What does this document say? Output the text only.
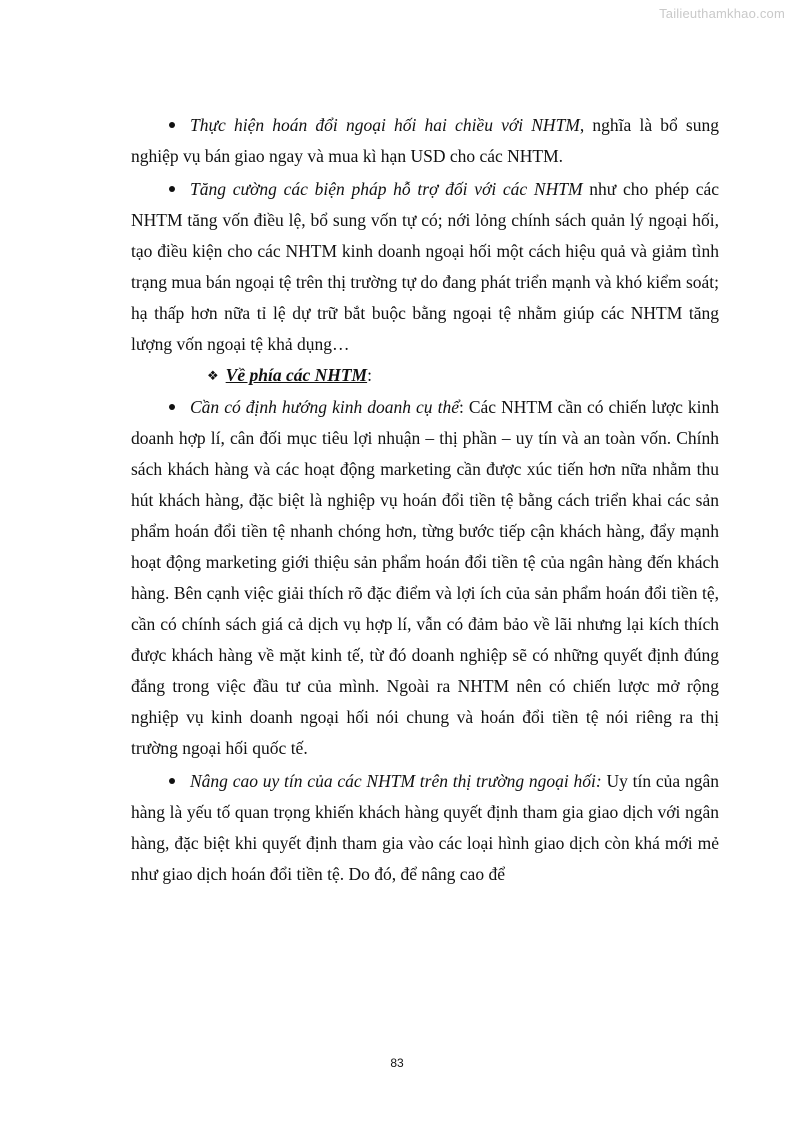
Tailieuthamkhao.com

Thực hiện hoán đổi ngoại hối hai chiều với NHTM, nghĩa là bổ sung nghiệp vụ bán giao ngay và mua kì hạn USD cho các NHTM.

Tăng cường các biện pháp hỗ trợ đối với các NHTM như cho phép các NHTM tăng vốn điều lệ, bổ sung vốn tự có; nới lỏng chính sách quản lý ngoại hối, tạo điều kiện cho các NHTM kinh doanh ngoại hối một cách hiệu quả và giảm tình trạng mua bán ngoại tệ trên thị trường tự do đang phát triển mạnh và khó kiểm soát; hạ thấp hơn nữa tỉ lệ dự trữ bắt buộc bằng ngoại tệ nhằm giúp các NHTM tăng lượng vốn ngoại tệ khả dụng…

❖ Về phía các NHTM:

Cần có định hướng kinh doanh cụ thể: Các NHTM cần có chiến lược kinh doanh hợp lí, cân đối mục tiêu lợi nhuận – thị phần – uy tín và an toàn vốn. Chính sách khách hàng và các hoạt động marketing cần được xúc tiến hơn nữa nhằm thu hút khách hàng, đặc biệt là nghiệp vụ hoán đổi tiền tệ bằng cách triển khai các sản phẩm hoán đổi tiền tệ nhanh chóng hơn, từng bước tiếp cận khách hàng, đẩy mạnh hoạt động marketing giới thiệu sản phẩm hoán đổi tiền tệ của ngân hàng đến khách hàng. Bên cạnh việc giải thích rõ đặc điểm và lợi ích của sản phẩm hoán đổi tiền tệ, cần có chính sách giá cả dịch vụ hợp lí, vẫn có đảm bảo về lãi nhưng lại kích thích được khách hàng về mặt kinh tế, từ đó doanh nghiệp sẽ có những quyết định đúng đắng trong việc đầu tư của mình. Ngoài ra NHTM nên có chiến lược mở rộng nghiệp vụ kinh doanh ngoại hối nói chung và hoán đổi tiền tệ nói riêng ra thị trường ngoại hối quốc tế.

Nâng cao uy tín của các NHTM trên thị trường ngoại hối: Uy tín của ngân hàng là yếu tố quan trọng khiến khách hàng quyết định tham gia giao dịch với ngân hàng, đặc biệt khi quyết định tham gia vào các loại hình giao dịch còn khá mới mẻ như giao dịch hoán đổi tiền tệ. Do đó, để nâng cao để

83
